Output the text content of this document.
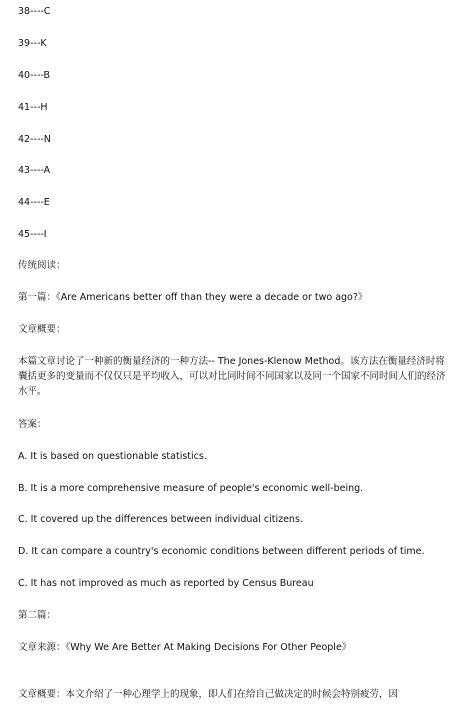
38----C
39---K
40----B
41---H
42----N
43----A
44----E
45----I
传统阅读：
第一篇：《Are Americans better off than they were a decade or two ago?》
文章概要：
本篇文章讨论了一种新的衡量经济的一种方法-- The Jones-Klenow Method。该方法在衡量经济时将囊括更多的变量而不仅仅只是平均收入，可以对比同时间不同国家以及同一个国家不同时间人们的经济水平。
答案：
A. It is based on questionable statistics.
B. It is a more comprehensive measure of people's economic well-being.
C. It covered up the differences between individual citizens.
D. It can compare a country's economic conditions between different periods of time.
C. It has not improved as much as reported by Census Bureau
第二篇：
文章来源：《Why We Are Better At Making Decisions For Other People》
文章概要：本文介绍了一种心理学上的现象，即人们在给自己做决定的时候会特别疲劳，因
